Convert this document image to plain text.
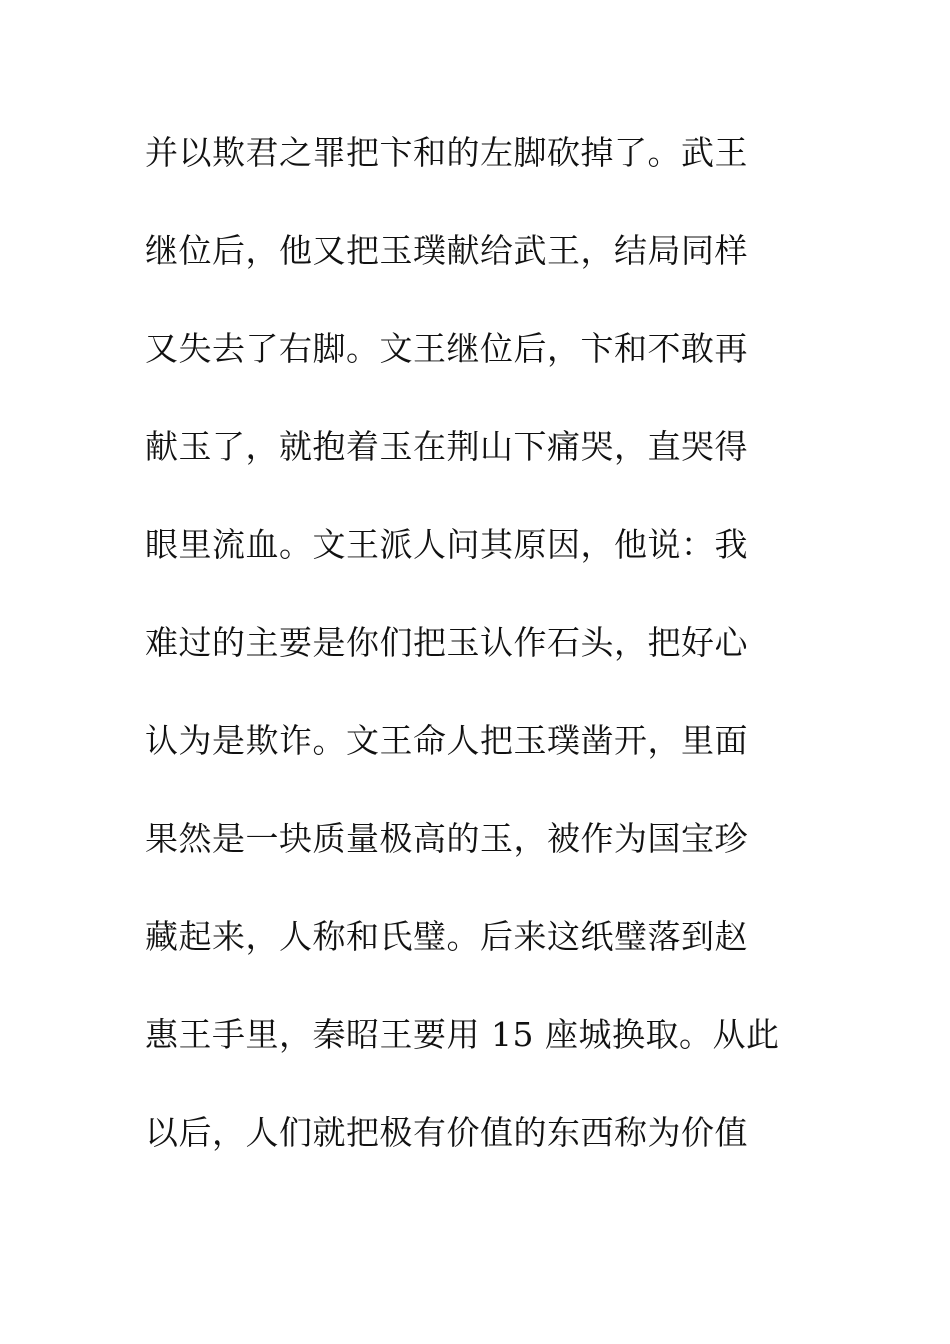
并以欺君之罪把卞和的左脚砍掉了。武王
继位后，他又把玉璞献给武王，结局同样
又失去了右脚。文王继位后，卞和不敢再
献玉了，就抱着玉在荆山下痛哭，直哭得
眼里流血。文王派人问其原因，他说：我
难过的主要是你们把玉认作石头，把好心
认为是欺诈。文王命人把玉璞凿开，里面
果然是一块质量极高的玉，被作为国宝珍
藏起来，人称和氏璧。后来这纸璧落到赵
惠王手里，秦昭王要用 15 座城换取。从此
以后，人们就把极有价值的东西称为价值
